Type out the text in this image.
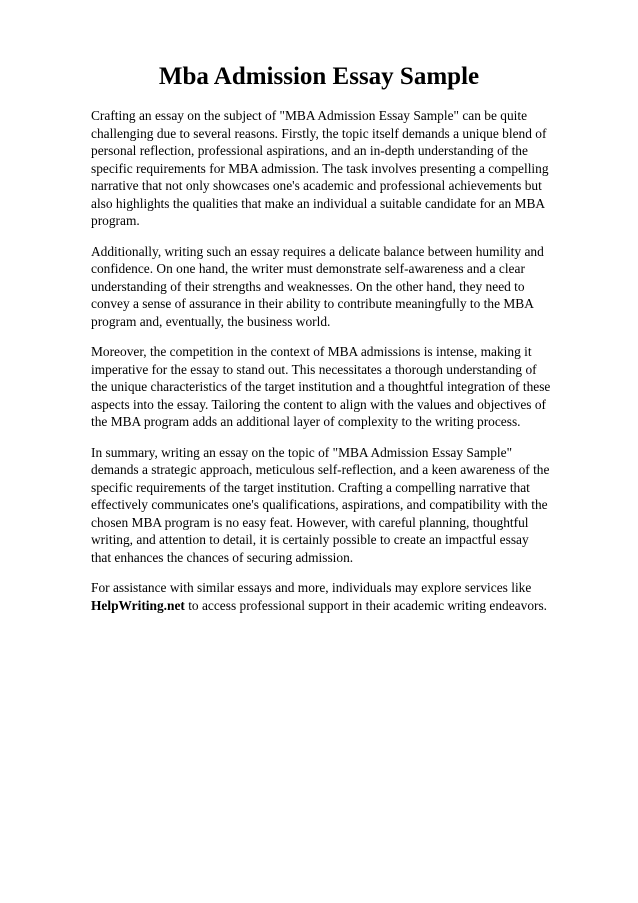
Mba Admission Essay Sample

Crafting an essay on the subject of "MBA Admission Essay Sample" can be quite challenging due to several reasons. Firstly, the topic itself demands a unique blend of personal reflection, professional aspirations, and an in-depth understanding of the specific requirements for MBA admission. The task involves presenting a compelling narrative that not only showcases one's academic and professional achievements but also highlights the qualities that make an individual a suitable candidate for an MBA program.

Additionally, writing such an essay requires a delicate balance between humility and confidence. On one hand, the writer must demonstrate self-awareness and a clear understanding of their strengths and weaknesses. On the other hand, they need to convey a sense of assurance in their ability to contribute meaningfully to the MBA program and, eventually, the business world.

Moreover, the competition in the context of MBA admissions is intense, making it imperative for the essay to stand out. This necessitates a thorough understanding of the unique characteristics of the target institution and a thoughtful integration of these aspects into the essay. Tailoring the content to align with the values and objectives of the MBA program adds an additional layer of complexity to the writing process.

In summary, writing an essay on the topic of "MBA Admission Essay Sample" demands a strategic approach, meticulous self-reflection, and a keen awareness of the specific requirements of the target institution. Crafting a compelling narrative that effectively communicates one's qualifications, aspirations, and compatibility with the chosen MBA program is no easy feat. However, with careful planning, thoughtful writing, and attention to detail, it is certainly possible to create an impactful essay that enhances the chances of securing admission.

For assistance with similar essays and more, individuals may explore services like
HelpWriting.net to access professional support in their academic writing endeavors.
